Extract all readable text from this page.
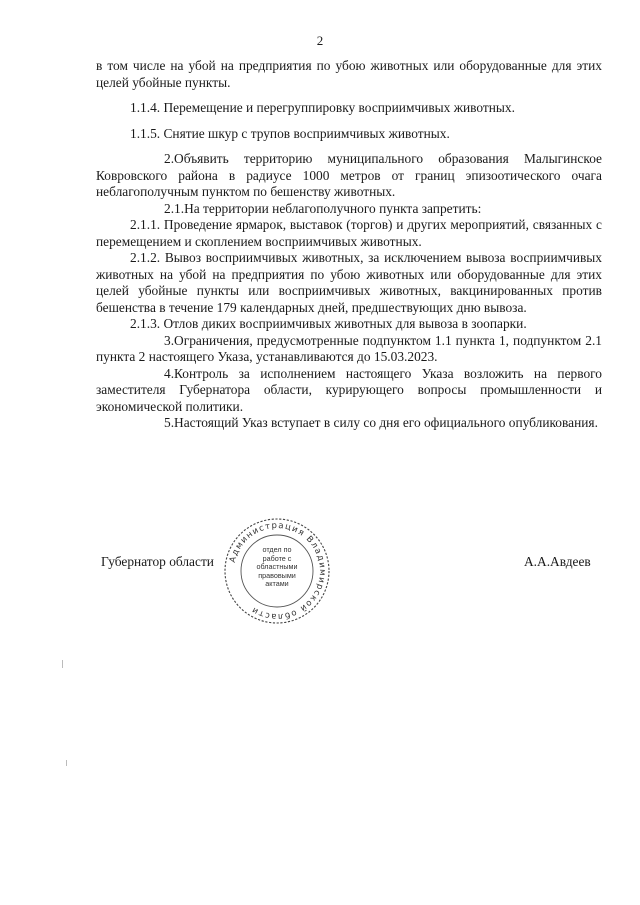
2

в том числе на убой на предприятия по убою животных или оборудованные для этих целей убойные пункты.

1.1.4. Перемещение и перегруппировку восприимчивых животных.

1.1.5. Снятие шкур с трупов восприимчивых животных.

2.Объявить территорию муниципального образования Малыгинское Ковровского района в радиусе 1000 метров от границ эпизоотического очага неблагополучным пунктом по бешенству животных.

2.1.На территории неблагополучного пункта запретить:

2.1.1. Проведение ярмарок, выставок (торгов) и других мероприятий, связанных с перемещением и скоплением восприимчивых животных.

2.1.2. Вывоз восприимчивых животных, за исключением вывоза восприимчивых животных на убой на предприятия по убою животных или оборудованные для этих целей убойные пункты или восприимчивых животных, вакцинированных против бешенства в течение 179 календарных дней, предшествующих дню вывоза.

2.1.3. Отлов диких восприимчивых животных для вывоза в зоопарки.

3.Ограничения, предусмотренные подпунктом 1.1 пункта 1, подпунктом 2.1 пункта 2 настоящего Указа, устанавливаются до 15.03.2023.

4.Контроль за исполнением настоящего Указа возложить на первого заместителя Губернатора области, курирующего вопросы промышленности и экономической политики.

5.Настоящий Указ вступает в силу со дня его официального опубликования.

Губернатор области	А.А.Авдеев
Администрация Владимирской области
отдел по работе с областными правовыми актами
